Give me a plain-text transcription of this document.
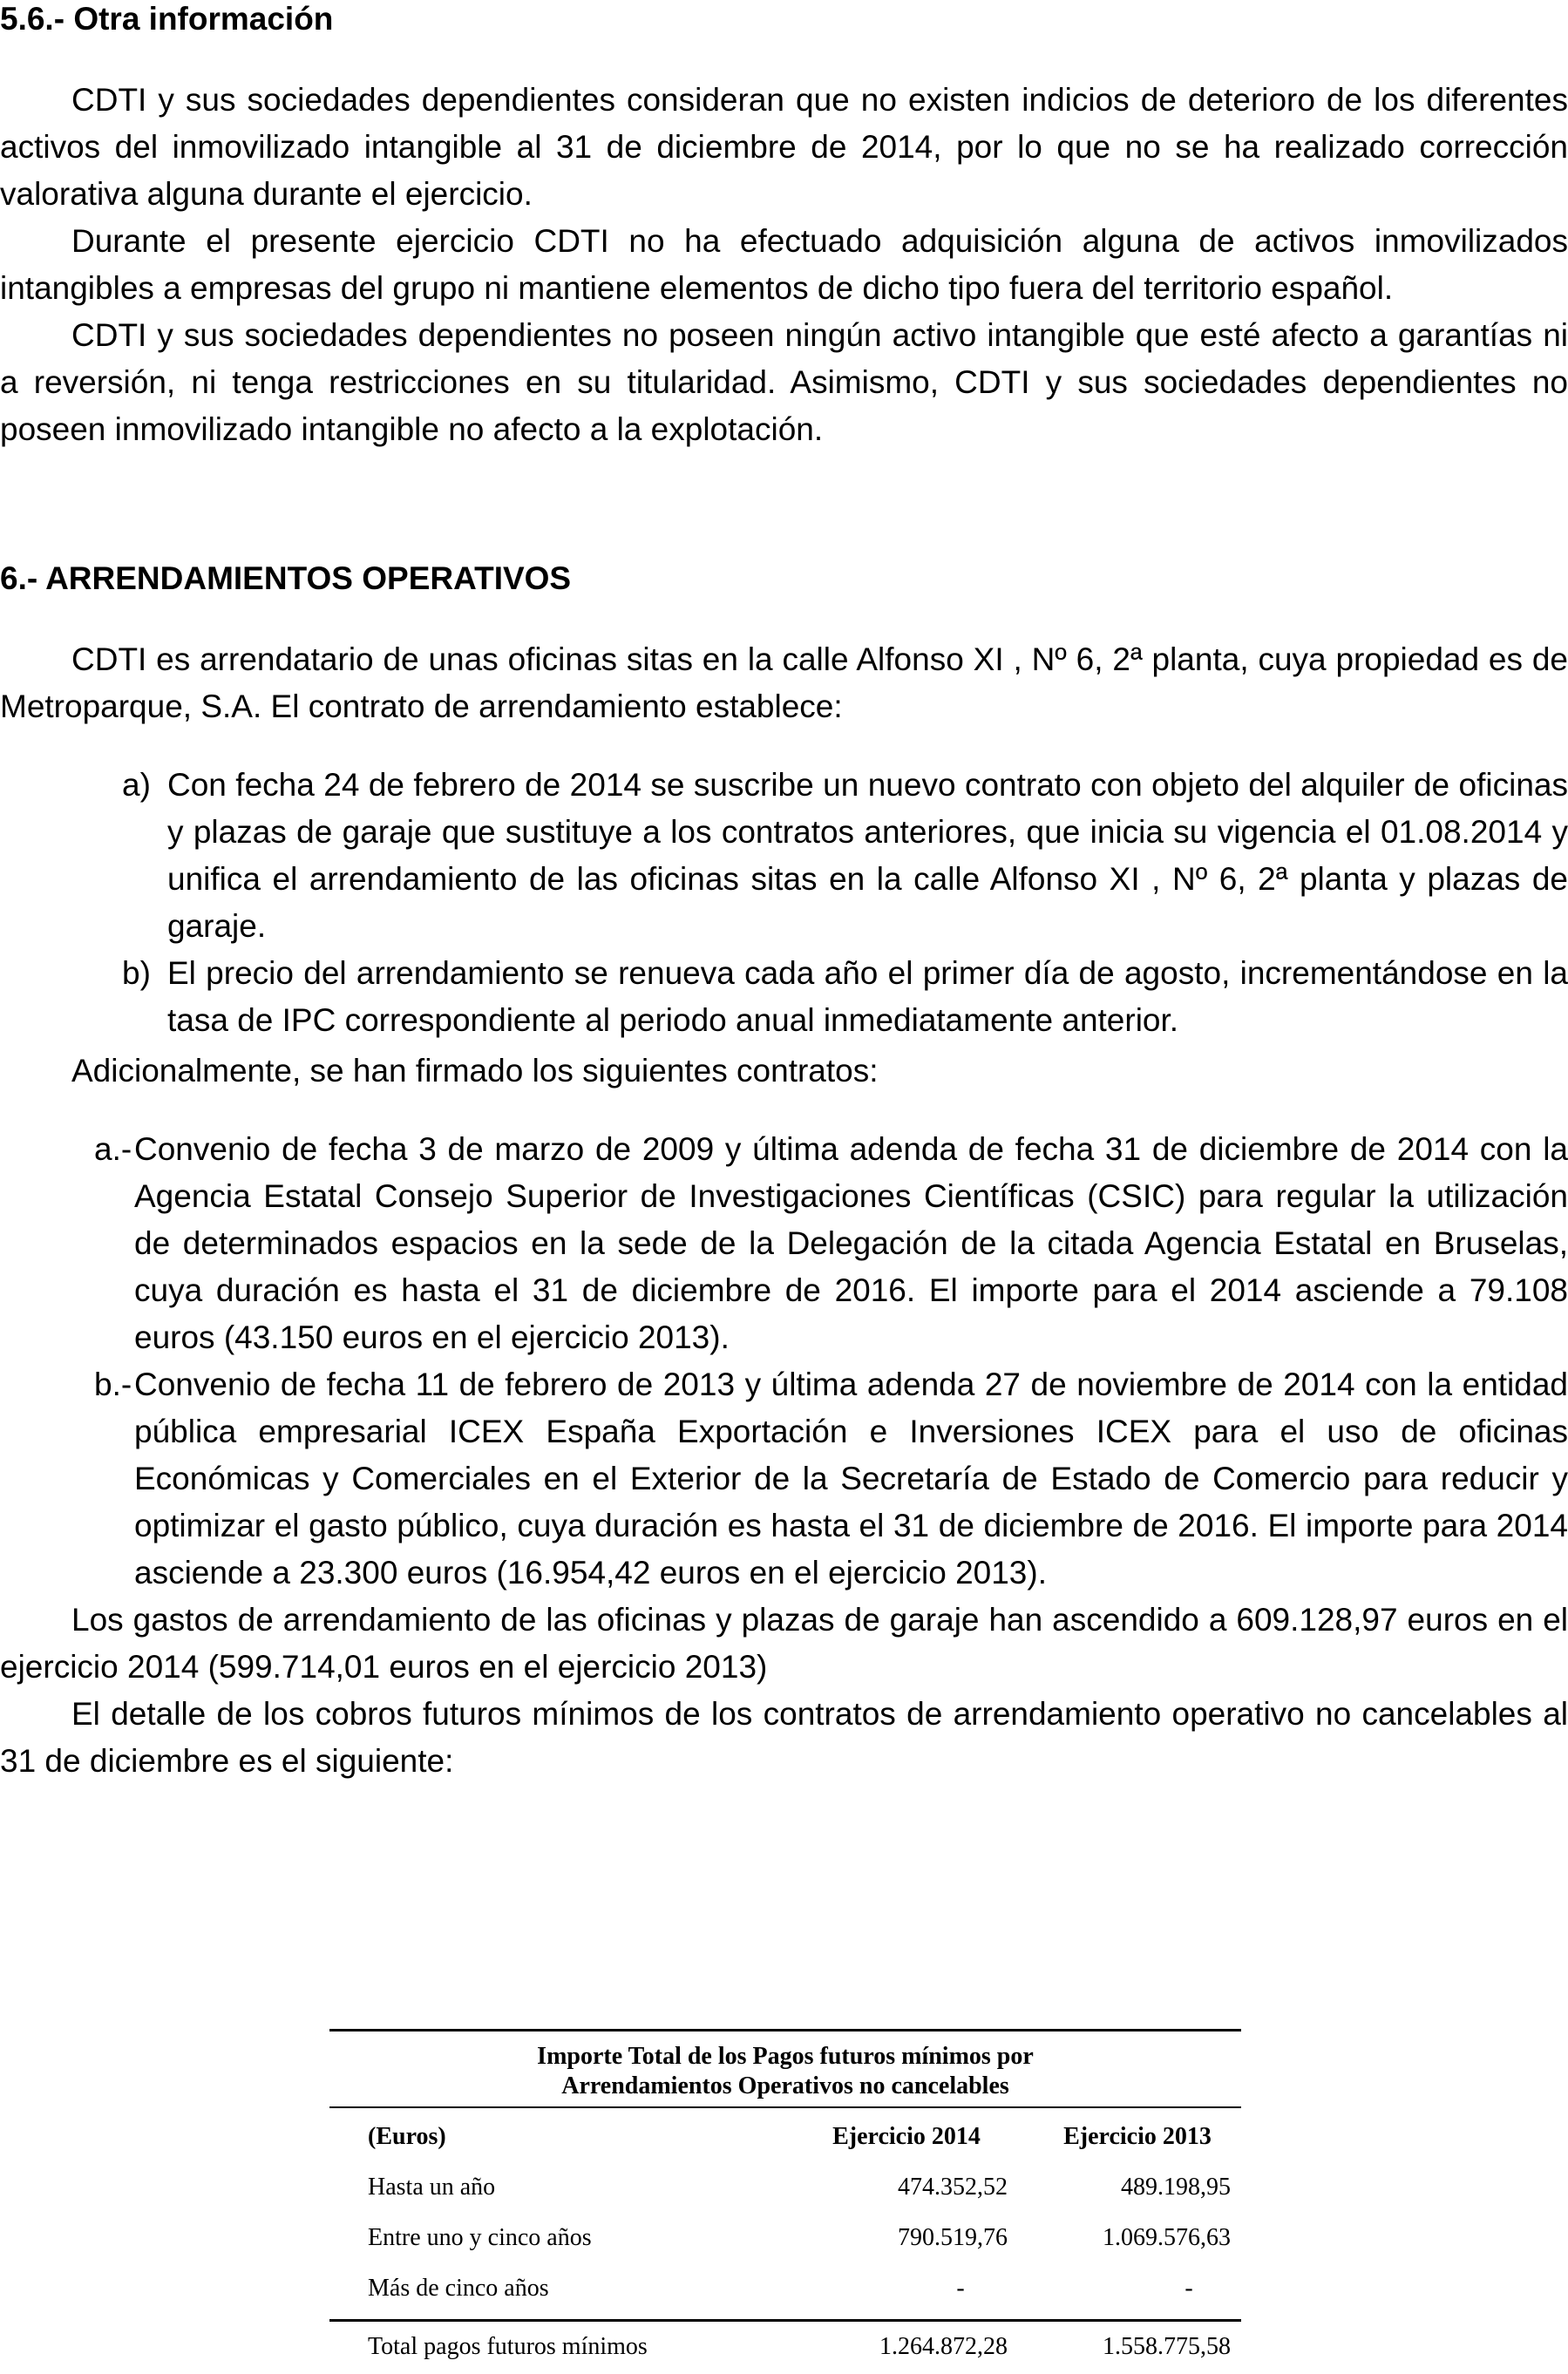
5.6.- Otra información

CDTI y sus sociedades dependientes consideran que no existen indicios de deterioro de los diferentes activos del inmovilizado intangible al 31 de diciembre de 2014, por lo que no se ha realizado corrección valorativa alguna durante el ejercicio.

Durante el presente ejercicio CDTI no ha efectuado adquisición alguna de activos inmovilizados intangibles a empresas del grupo ni mantiene elementos de dicho tipo fuera del territorio español.

CDTI y sus sociedades dependientes no poseen ningún activo intangible que esté afecto a garantías ni a reversión, ni tenga restricciones en su titularidad. Asimismo, CDTI y sus sociedades dependientes no poseen inmovilizado intangible no afecto a la explotación.

6.- ARRENDAMIENTOS OPERATIVOS

CDTI es arrendatario de unas oficinas sitas en la calle Alfonso XI , Nº 6, 2ª planta, cuya propiedad es de Metroparque, S.A. El contrato de arrendamiento establece:

a) Con fecha 24 de febrero de 2014 se suscribe un nuevo contrato con objeto del alquiler de oficinas y plazas de garaje que sustituye a los contratos anteriores, que inicia su vigencia el 01.08.2014 y unifica el arrendamiento de las oficinas sitas en la calle Alfonso XI , Nº 6, 2ª planta y plazas de garaje.
b) El precio del arrendamiento se renueva cada año el primer día de agosto, incrementándose en la tasa de IPC correspondiente al periodo anual inmediatamente anterior.

Adicionalmente, se han firmado los siguientes contratos:

a.- Convenio de fecha 3 de marzo de 2009 y última adenda de fecha 31 de diciembre de 2014 con la Agencia Estatal Consejo Superior de Investigaciones Científicas (CSIC) para regular la utilización de determinados espacios en la sede de la Delegación de la citada Agencia Estatal en Bruselas, cuya duración es hasta el 31 de diciembre de 2016. El importe para el 2014 asciende a 79.108 euros (43.150 euros en el ejercicio 2013).
b.- Convenio de fecha 11 de febrero de 2013 y última adenda 27 de noviembre de 2014 con la entidad pública empresarial ICEX España Exportación e Inversiones ICEX para el uso de oficinas Económicas y Comerciales en el Exterior de la Secretaría de Estado de Comercio para reducir y optimizar el gasto público, cuya duración es hasta el 31 de diciembre de 2016. El importe para 2014 asciende a 23.300 euros (16.954,42 euros en el ejercicio 2013).

Los gastos de arrendamiento de las oficinas y plazas de garaje han ascendido a 609.128,97 euros en el ejercicio 2014 (599.714,01 euros en el ejercicio 2013)

El detalle de los cobros futuros mínimos de los contratos de arrendamiento operativo no cancelables al 31 de diciembre es el siguiente:

Importe Total de los Pagos futuros mínimos por
Arrendamientos Operativos no cancelables
(Euros)	Ejercicio 2014	Ejercicio 2013
Hasta un año	474.352,52	489.198,95
Entre uno y cinco años	790.519,76	1.069.576,63
Más de cinco años	-	-
Total pagos futuros mínimos	1.264.872,28	1.558.775,58
